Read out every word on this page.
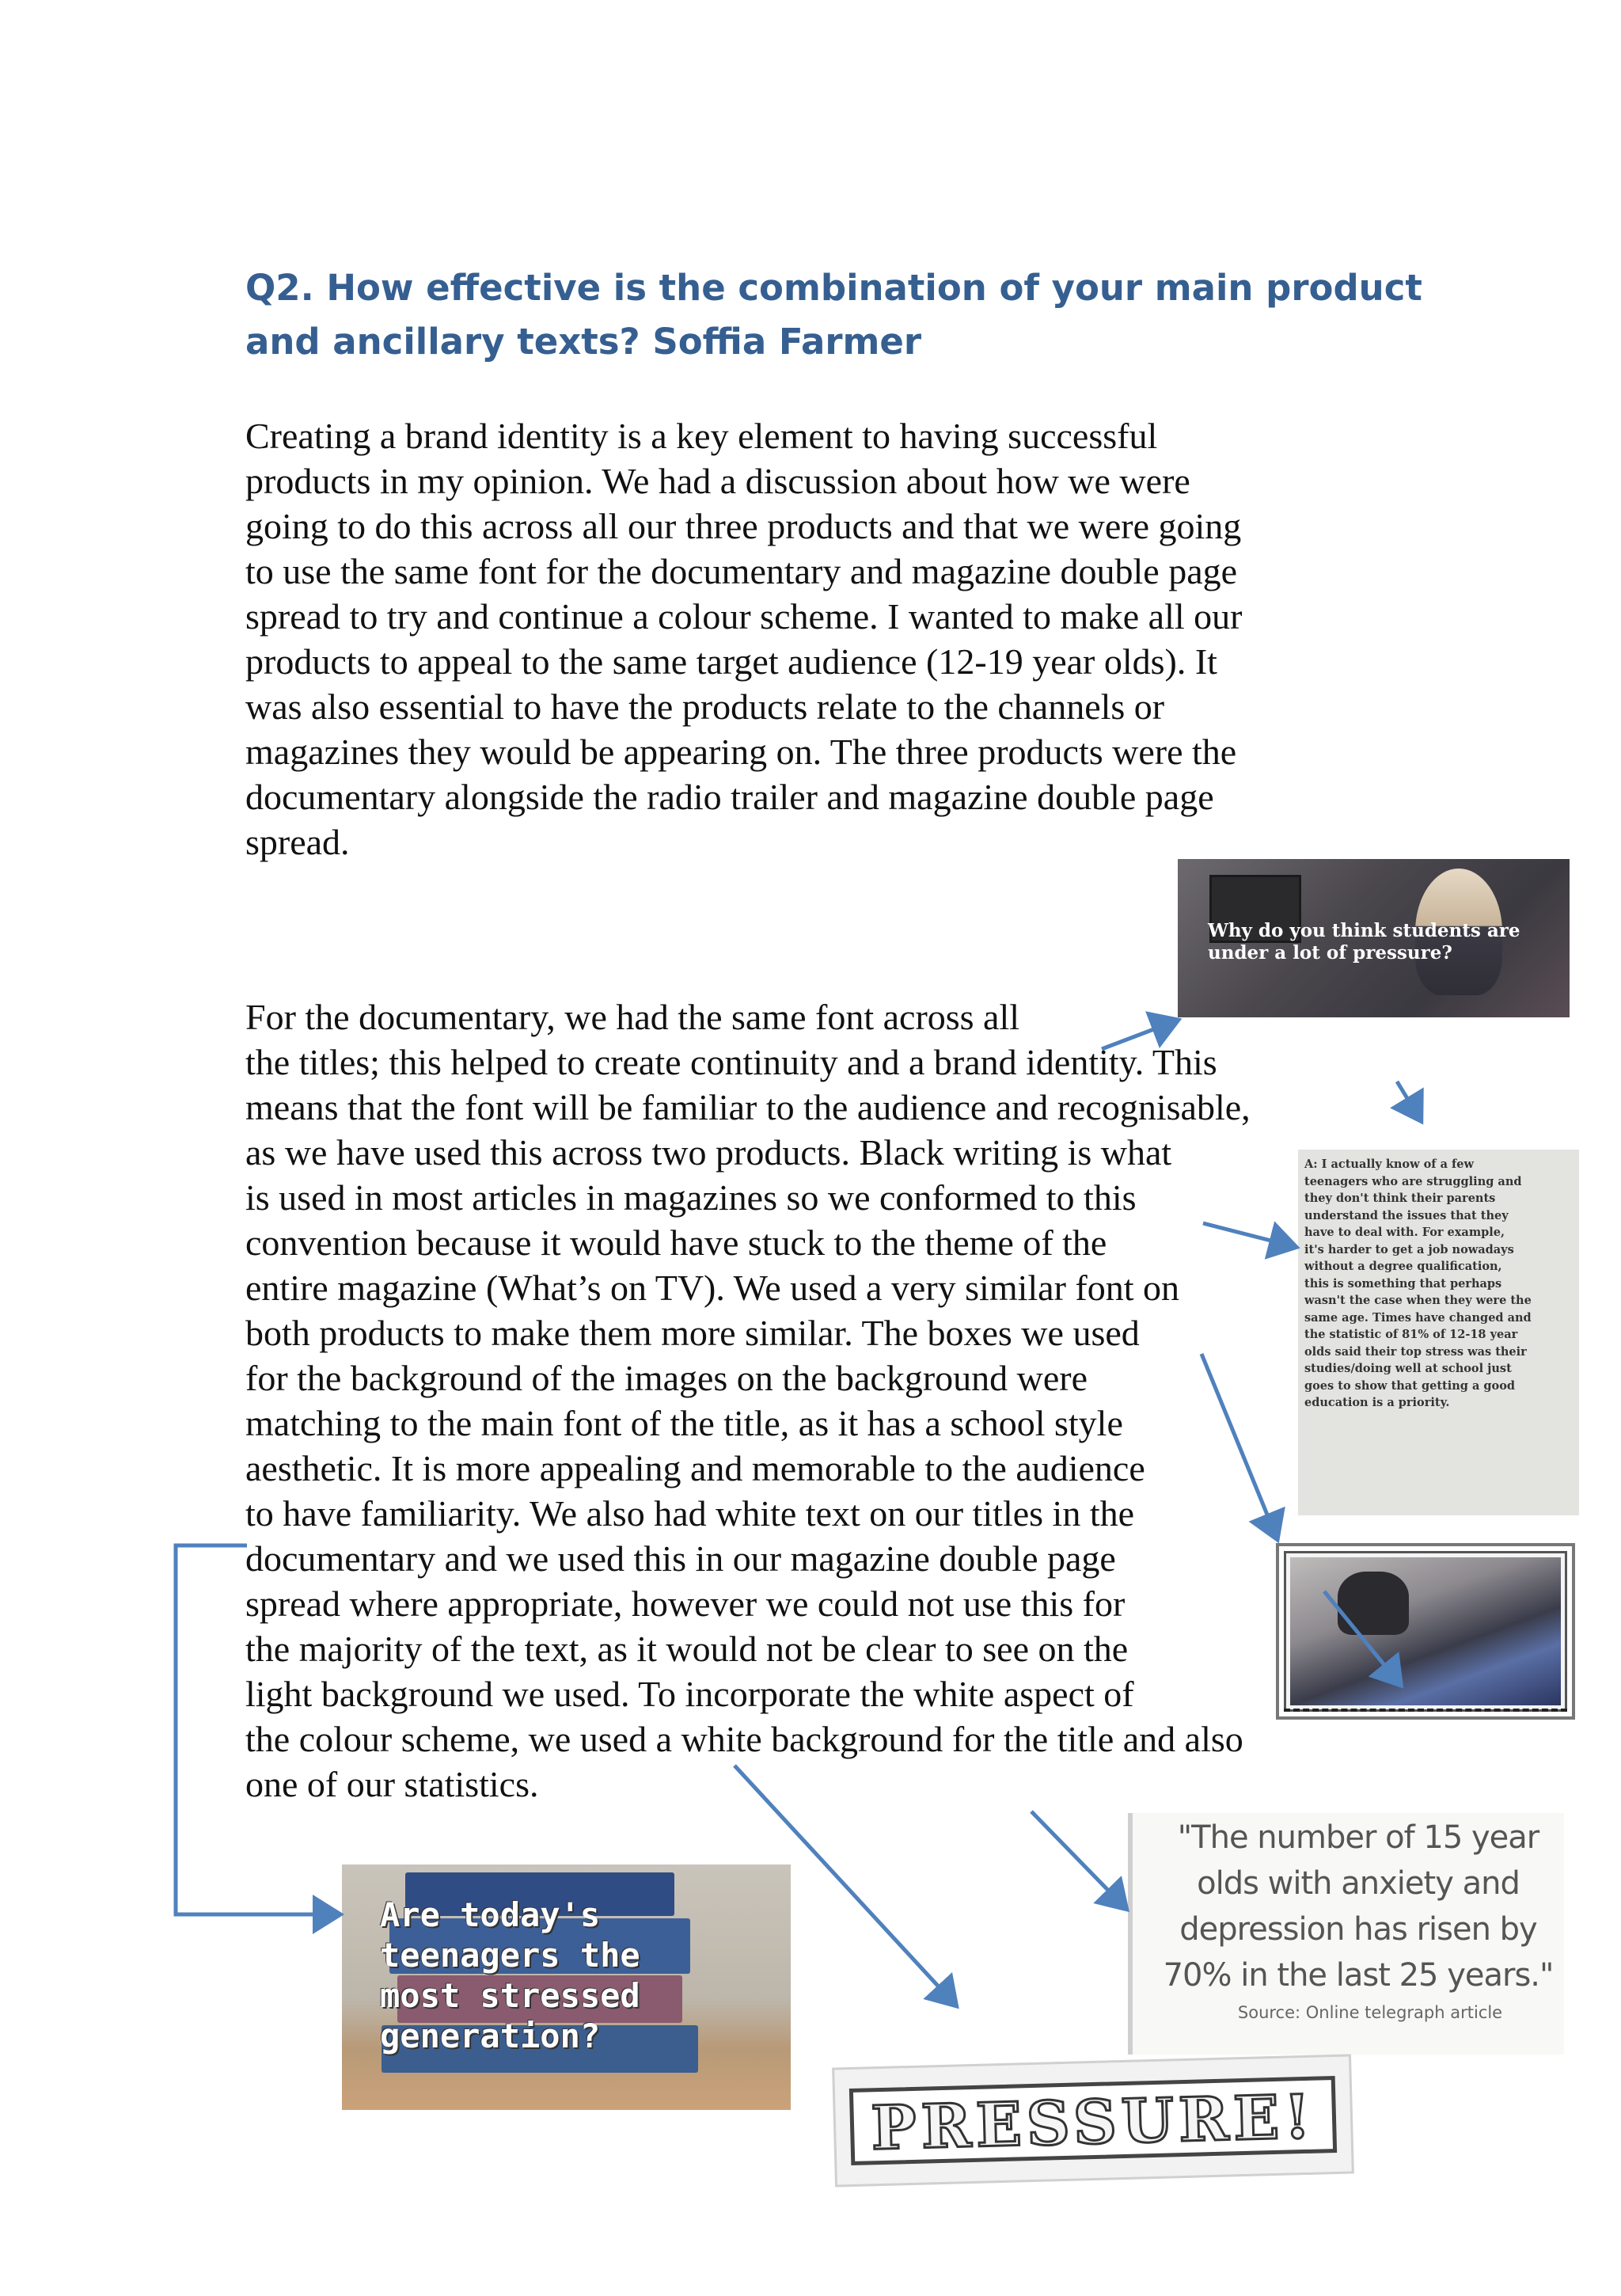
Q2. How effective is the combination of your main product
and ancillary texts? Soffia Farmer
Creating a brand identity is a key element to having successful
products in my opinion. We had a discussion about how we were
going to do this across all our three products and that we were going
to use the same font for the documentary and magazine double page
spread to try and continue a colour scheme. I wanted to make all our
products to appeal to the same target audience (12-19 year olds). It
was also essential to have the products relate to the channels or
magazines they would be appearing on. The three products were the
documentary alongside the radio trailer and magazine double page
spread.
For the documentary, we had the same font across all
the titles; this helped to create continuity and a brand identity. This
means that the font will be familiar to the audience and recognisable,
as we have used this across two products. Black writing is what
is used in most articles in magazines so we conformed to this
convention because it would have stuck to the theme of the
entire magazine (What’s on TV). We used a very similar font on
both products to make them more similar. The boxes we used
for the background of the images on the background were
matching to the main font of the title, as it has a school style
aesthetic. It is more appealing and memorable to the audience
to have familiarity. We also had white text on our titles in the
documentary and we used this in our magazine double page
spread where appropriate, however we could not use this for
the majority of the text, as it would not be clear to see on the
light background we used. To incorporate the white aspect of
the colour scheme, we used a white background for the title and also
one of our statistics.
Why do you think students are under a lot of pressure?
A: I actually know of a few
teenagers who are struggling and
they don't think their parents
understand the issues that they
have to deal with. For example,
it's harder to get a job nowadays
without a degree qualification,
this is something that perhaps
wasn't the case when they were the
same age. Times have changed and
the statistic of 81% of 12-18 year
olds said their top stress was their
studies/doing well at school just
goes to show that getting a good
education is a priority.
"The number of 15 year olds with anxiety and depression has risen by 70% in the last 25 years."
Source: Online telegraph article
Are today's
teenagers the
most stressed
generation?
PRESSURE!
